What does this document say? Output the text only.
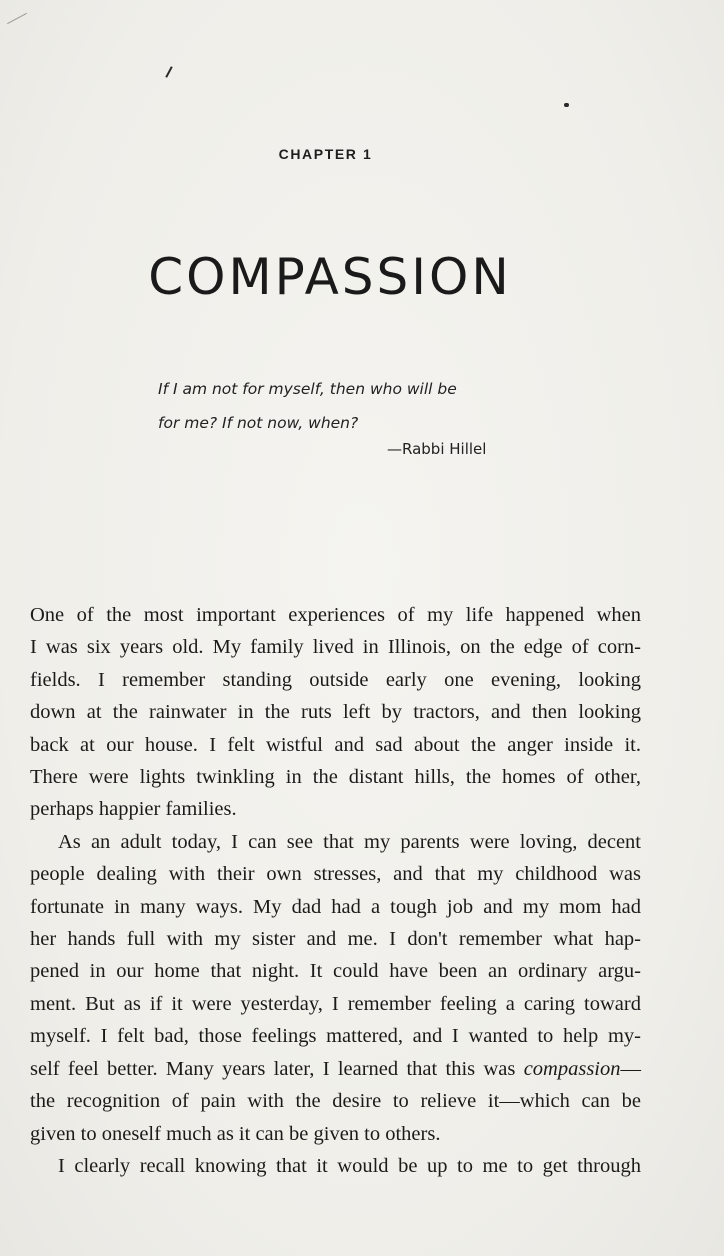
CHAPTER 1
COMPASSION
If I am not for myself, then who will be
for me? If not now, when?
—Rabbi Hillel
One of the most important experiences of my life happened when
I was six years old. My family lived in Illinois, on the edge of corn-
fields. I remember standing outside early one evening, looking
down at the rainwater in the ruts left by tractors, and then looking
back at our house. I felt wistful and sad about the anger inside it.
There were lights twinkling in the distant hills, the homes of other,
perhaps happier families.
As an adult today, I can see that my parents were loving, decent
people dealing with their own stresses, and that my childhood was
fortunate in many ways. My dad had a tough job and my mom had
her hands full with my sister and me. I don't remember what hap-
pened in our home that night. It could have been an ordinary argu-
ment. But as if it were yesterday, I remember feeling a caring toward
myself. I felt bad, those feelings mattered, and I wanted to help my-
self feel better. Many years later, I learned that this was compassion—
the recognition of pain with the desire to relieve it—which can be
given to oneself much as it can be given to others.
I clearly recall knowing that it would be up to me to get through
